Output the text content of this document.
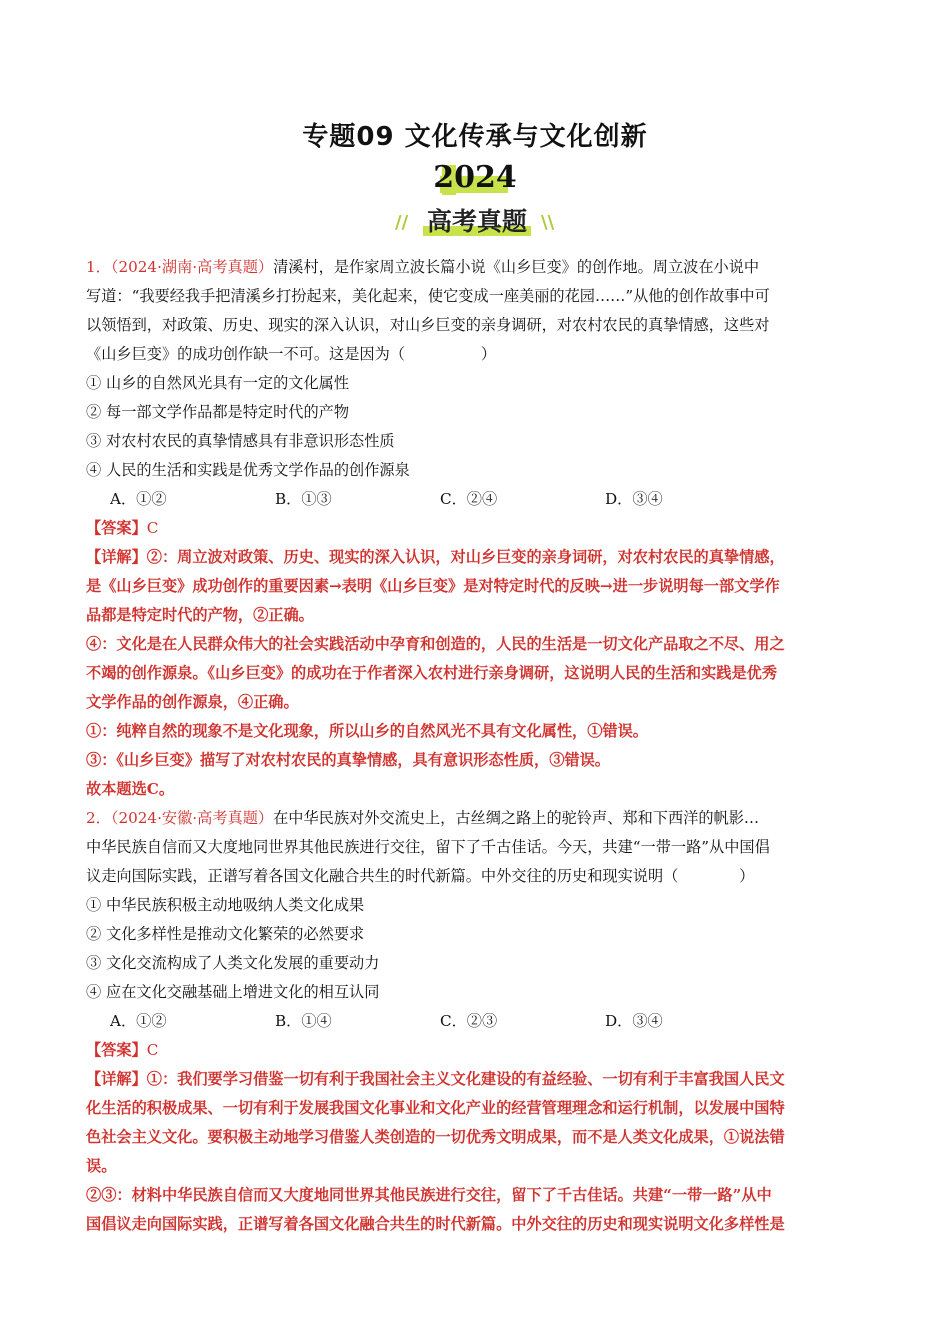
专题09 文化传承与文化创新
2024
// 高考真题 \\

1．（2024·湖南·高考真题）清溪村，是作家周立波长篇小说《山乡巨变》的创作地。周立波在小说中

写道：“我要经我手把清溪乡打扮起来，美化起来，使它变成一座美丽的花园……”从他的创作故事中可

以领悟到，对政策、历史、现实的深入认识，对山乡巨变的亲身调研，对农村农民的真挚情感，这些对

《山乡巨变》的成功创作缺一不可。这是因为（　　　　　）

① 山乡的自然风光具有一定的文化属性

② 每一部文学作品都是特定时代的产物

③ 对农村农民的真挚情感具有非意识形态性质

④ 人民的生活和实践是优秀文学作品的创作源泉

A．①②	B．①③	C．②④	D．③④

【答案】C

【详解】②：周立波对政策、历史、现实的深入认识，对山乡巨变的亲身词研，对农村农民的真挚情感，

是《山乡巨变》成功创作的重要因素→表明《山乡巨变》是对特定时代的反映→进一步说明每一部文学作

品都是特定时代的产物，②正确。

④：文化是在人民群众伟大的社会实践活动中孕育和创造的，人民的生活是一切文化产品取之不尽、用之

不竭的创作源泉。《山乡巨变》的成功在于作者深入农村进行亲身调研，这说明人民的生活和实践是优秀

文学作品的创作源泉，④正确。

①：纯粹自然的现象不是文化现象，所以山乡的自然风光不具有文化属性，①错误。

③：《山乡巨变》描写了对农村农民的真挚情感，具有意识形态性质，③错误。

故本题选C。

2．（2024·安徽·高考真题）在中华民族对外交流史上，古丝绸之路上的驼铃声、郑和下西洋的帆影…

中华民族自信而又大度地同世界其他民族进行交往，留下了千古佳话。今天，共建“一带一路”从中国倡

议走向国际实践，正谱写着各国文化融合共生的时代新篇。中外交往的历史和现实说明（　　　　）

① 中华民族积极主动地吸纳人类文化成果

② 文化多样性是推动文化繁荣的必然要求

③ 文化交流构成了人类文化发展的重要动力

④ 应在文化交融基础上增进文化的相互认同

A．①②	B．①④	C．②③	D．③④

【答案】C

【详解】①：我们要学习借鉴一切有利于我国社会主义文化建设的有益经验、一切有利于丰富我国人民文

化生活的积极成果、一切有利于发展我国文化事业和文化产业的经营管理理念和运行机制，以发展中国特

色社会主义文化。要积极主动地学习借鉴人类创造的一切优秀文明成果，而不是人类文化成果，①说法错

误。

②③：材料中华民族自信而又大度地同世界其他民族进行交往，留下了千古佳话。共建“一带一路”从中

国倡议走向国际实践，正谱写着各国文化融合共生的时代新篇。中外交往的历史和现实说明文化多样性是
